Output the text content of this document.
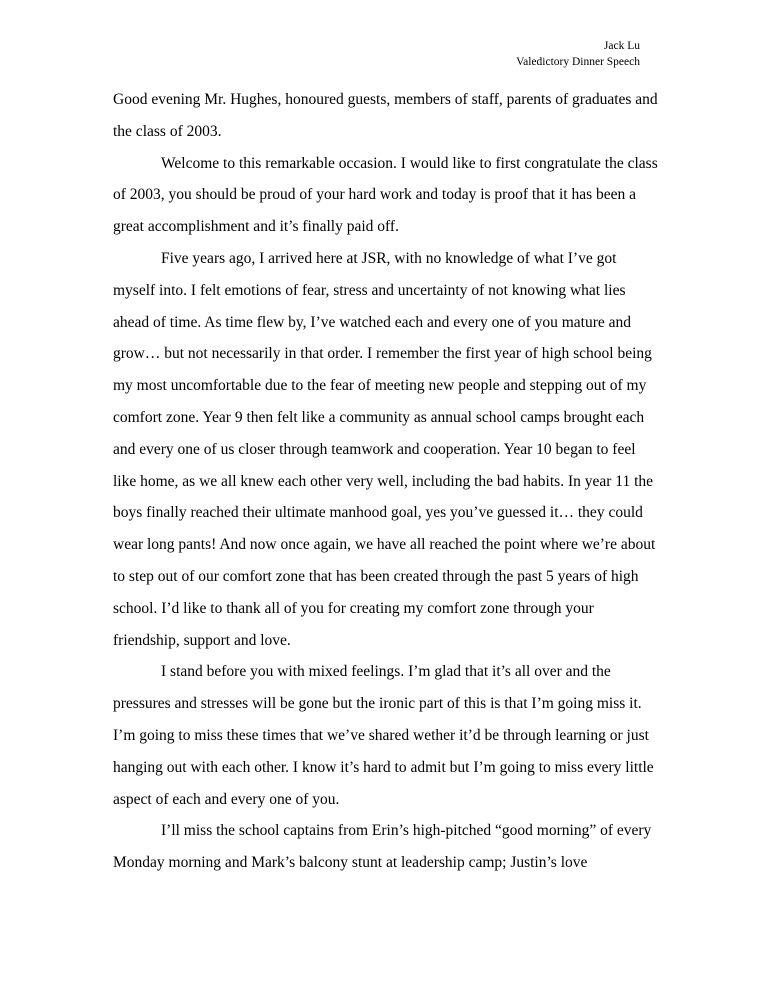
Jack Lu
Valedictory Dinner Speech

Good evening Mr. Hughes, honoured guests, members of staff, parents of graduates and the class of 2003.

Welcome to this remarkable occasion. I would like to first congratulate the class of 2003, you should be proud of your hard work and today is proof that it has been a great accomplishment and it’s finally paid off.

Five years ago, I arrived here at JSR, with no knowledge of what I’ve got myself into. I felt emotions of fear, stress and uncertainty of not knowing what lies ahead of time. As time flew by, I’ve watched each and every one of you mature and grow… but not necessarily in that order. I remember the first year of high school being my most uncomfortable due to the fear of meeting new people and stepping out of my comfort zone. Year 9 then felt like a community as annual school camps brought each and every one of us closer through teamwork and cooperation. Year 10 began to feel like home, as we all knew each other very well, including the bad habits. In year 11 the boys finally reached their ultimate manhood goal, yes you’ve guessed it… they could wear long pants! And now once again, we have all reached the point where we’re about to step out of our comfort zone that has been created through the past 5 years of high school. I’d like to thank all of you for creating my comfort zone through your friendship, support and love.

I stand before you with mixed feelings. I’m glad that it’s all over and the pressures and stresses will be gone but the ironic part of this is that I’m going miss it. I’m going to miss these times that we’ve shared wether it’d be through learning or just hanging out with each other. I know it’s hard to admit but I’m going to miss every little aspect of each and every one of you.

I’ll miss the school captains from Erin’s high-pitched “good morning” of every Monday morning and Mark’s balcony stunt at leadership camp; Justin’s love
